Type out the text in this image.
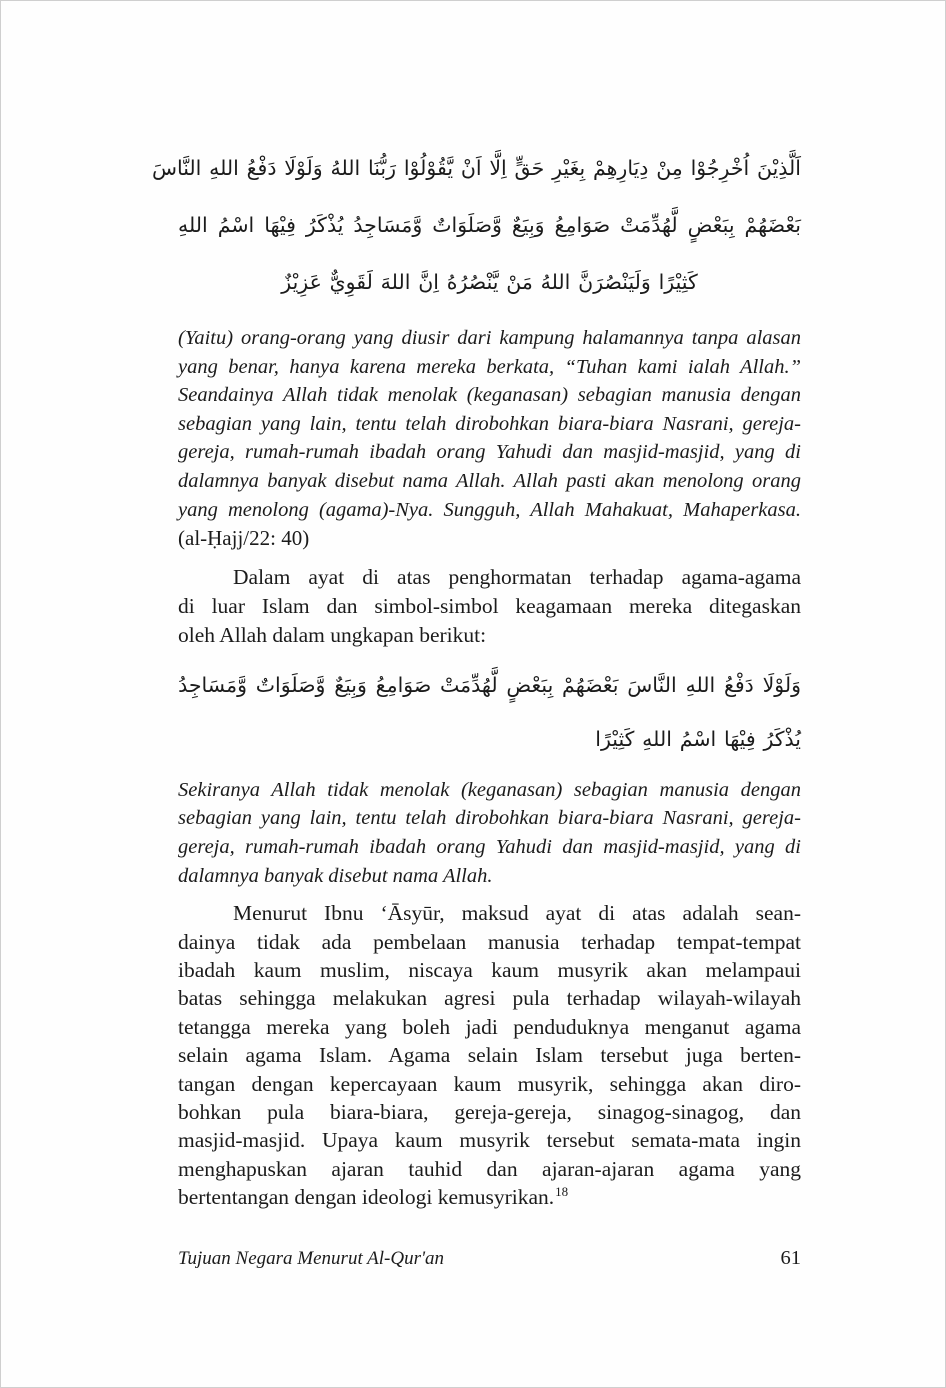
اَلَّذِيْنَ
اُخْرِجُوْا
مِنْ
دِيَارِهِمْ
بِغَيْرِ
حَقٍّ
اِلَّا
اَنْ
يَّقُوْلُوْا
رَبُّنَا
اللهُ
وَلَوْلَا
دَفْعُ
اللهِ
النَّاسَ
بَعْضَهُمْ
بِبَعْضٍ
لَّهُدِّمَتْ
صَوَامِعُ
وَبِيَعٌ
وَّصَلَوَاتٌ
وَّمَسَاجِدُ
يُذْكَرُ
فِيْهَا
اسْمُ
اللهِ
كَثِيْرًا
وَلَيَنْصُرَنَّ
اللهُ
مَنْ
يَّنْصُرُهُ
اِنَّ
اللهَ
لَقَوِيٌّ
عَزِيْزٌ
(Yaitu) orang-orang yang diusir dari kampung halamannya tanpa alasan
yang benar, hanya karena mereka berkata, “Tuhan kami ialah Allah.”
Seandainya Allah tidak menolak (keganasan) sebagian manusia dengan
sebagian yang lain, tentu telah dirobohkan biara-biara Nasrani, gereja-
gereja, rumah-rumah ibadah orang Yahudi dan masjid-masjid, yang di
dalamnya banyak disebut nama Allah. Allah pasti akan menolong orang
yang menolong (agama)-Nya. Sungguh, Allah Mahakuat, Mahaperkasa.
(al-Ḥajj/22: 40)
Dalam ayat di atas penghormatan terhadap agama-agama
di luar Islam dan simbol-simbol keagamaan mereka ditegaskan
oleh Allah dalam ungkapan berikut:
وَلَوْلَا
دَفْعُ
اللهِ
النَّاسَ
بَعْضَهُمْ
بِبَعْضٍ
لَّهُدِّمَتْ
صَوَامِعُ
وَبِيَعٌ
وَّصَلَوَاتٌ
وَّمَسَاجِدُ
يُذْكَرُ
فِيْهَا
اسْمُ
اللهِ
كَثِيْرًا
Sekiranya Allah tidak menolak (keganasan) sebagian manusia dengan
sebagian yang lain, tentu telah dirobohkan biara-biara Nasrani, gereja-
gereja, rumah-rumah ibadah orang Yahudi dan masjid-masjid, yang di
dalamnya banyak disebut nama Allah.
Menurut Ibnu ‘Āsyūr, maksud ayat di atas adalah sean-
dainya tidak ada pembelaan manusia terhadap tempat-tempat
ibadah kaum muslim, niscaya kaum musyrik akan melampaui
batas sehingga melakukan agresi pula terhadap wilayah-wilayah
tetangga mereka yang boleh jadi penduduknya menganut agama
selain agama Islam. Agama selain Islam tersebut juga berten-
tangan dengan kepercayaan kaum musyrik, sehingga akan diro-
bohkan pula biara-biara, gereja-gereja, sinagog-sinagog, dan
masjid-masjid. Upaya kaum musyrik tersebut semata-mata ingin
menghapuskan ajaran tauhid dan ajaran-ajaran agama yang
bertentangan dengan ideologi kemusyrikan.$^{18}$
Tujuan Negara Menurut Al-Qur'an	61
